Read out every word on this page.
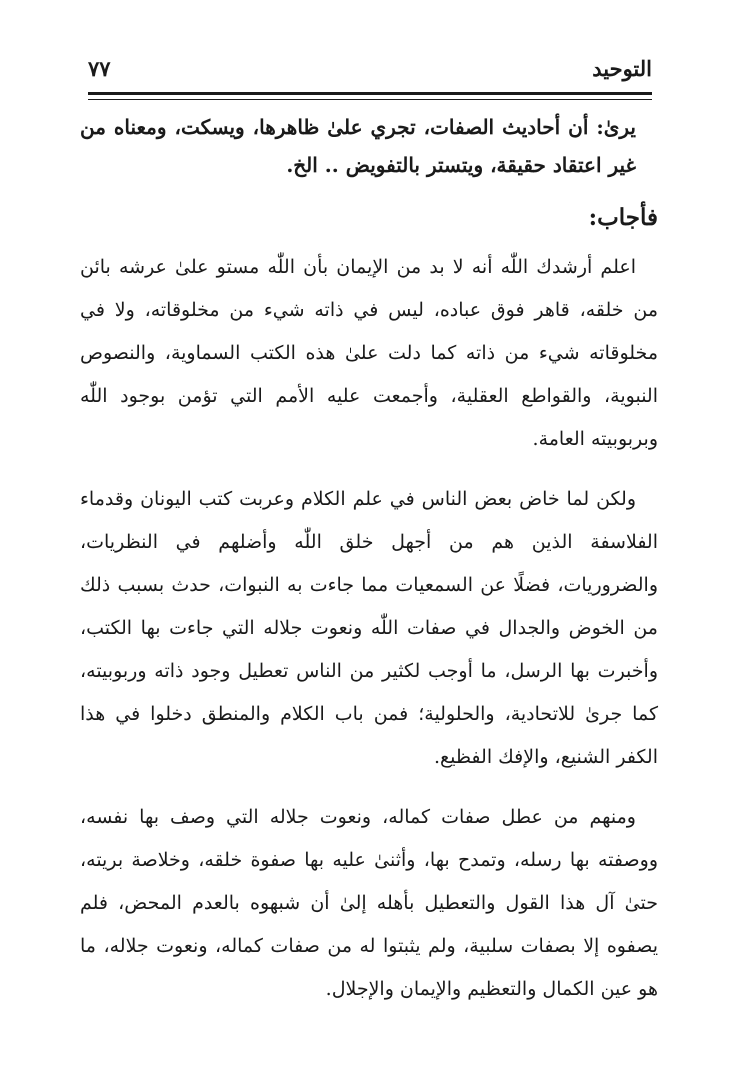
التوحيد
٧٧

يرىٰ: أن أحاديث الصفات، تجري علىٰ ظاهرها، ويسكت، ومعناه من غير اعتقاد حقيقة، ويتستر بالتفويض .. الخ.

فأجاب:

اعلم أرشدك اللّٰه أنه لا بد من الإيمان بأن اللّٰه مستو علىٰ عرشه بائن من خلقه، قاهر فوق عباده، ليس في ذاته شيء من مخلوقاته، ولا في مخلوقاته شيء من ذاته كما دلت علىٰ هذه الكتب السماوية، والنصوص النبوية، والقواطع العقلية، وأجمعت عليه الأمم التي تؤمن بوجود اللّٰه وبربوبيته العامة.

ولكن لما خاض بعض الناس في علم الكلام وعربت كتب اليونان وقدماء الفلاسفة الذين هم من أجهل خلق اللّٰه وأضلهم في النظريات، والضروريات، فضلًا عن السمعيات مما جاءت به النبوات، حدث بسبب ذلك من الخوض والجدال في صفات اللّٰه ونعوت جلاله التي جاءت بها الكتب، وأخبرت بها الرسل، ما أوجب لكثير من الناس تعطيل وجود ذاته وربوبيته، كما جرىٰ للاتحادية، والحلولية؛ فمن باب الكلام والمنطق دخلوا في هذا الكفر الشنيع، والإفك الفظيع.

ومنهم من عطل صفات كماله، ونعوت جلاله التي وصف بها نفسه، ووصفته بها رسله، وتمدح بها، وأثنىٰ عليه بها صفوة خلقه، وخلاصة بريته، حتىٰ آل هذا القول والتعطيل بأهله إلىٰ أن شبهوه بالعدم المحض، فلم يصفوه إلا بصفات سلبية، ولم يثبتوا له من صفات كماله، ونعوت جلاله، ما هو عين الكمال والتعظيم والإيمان والإجلال.
